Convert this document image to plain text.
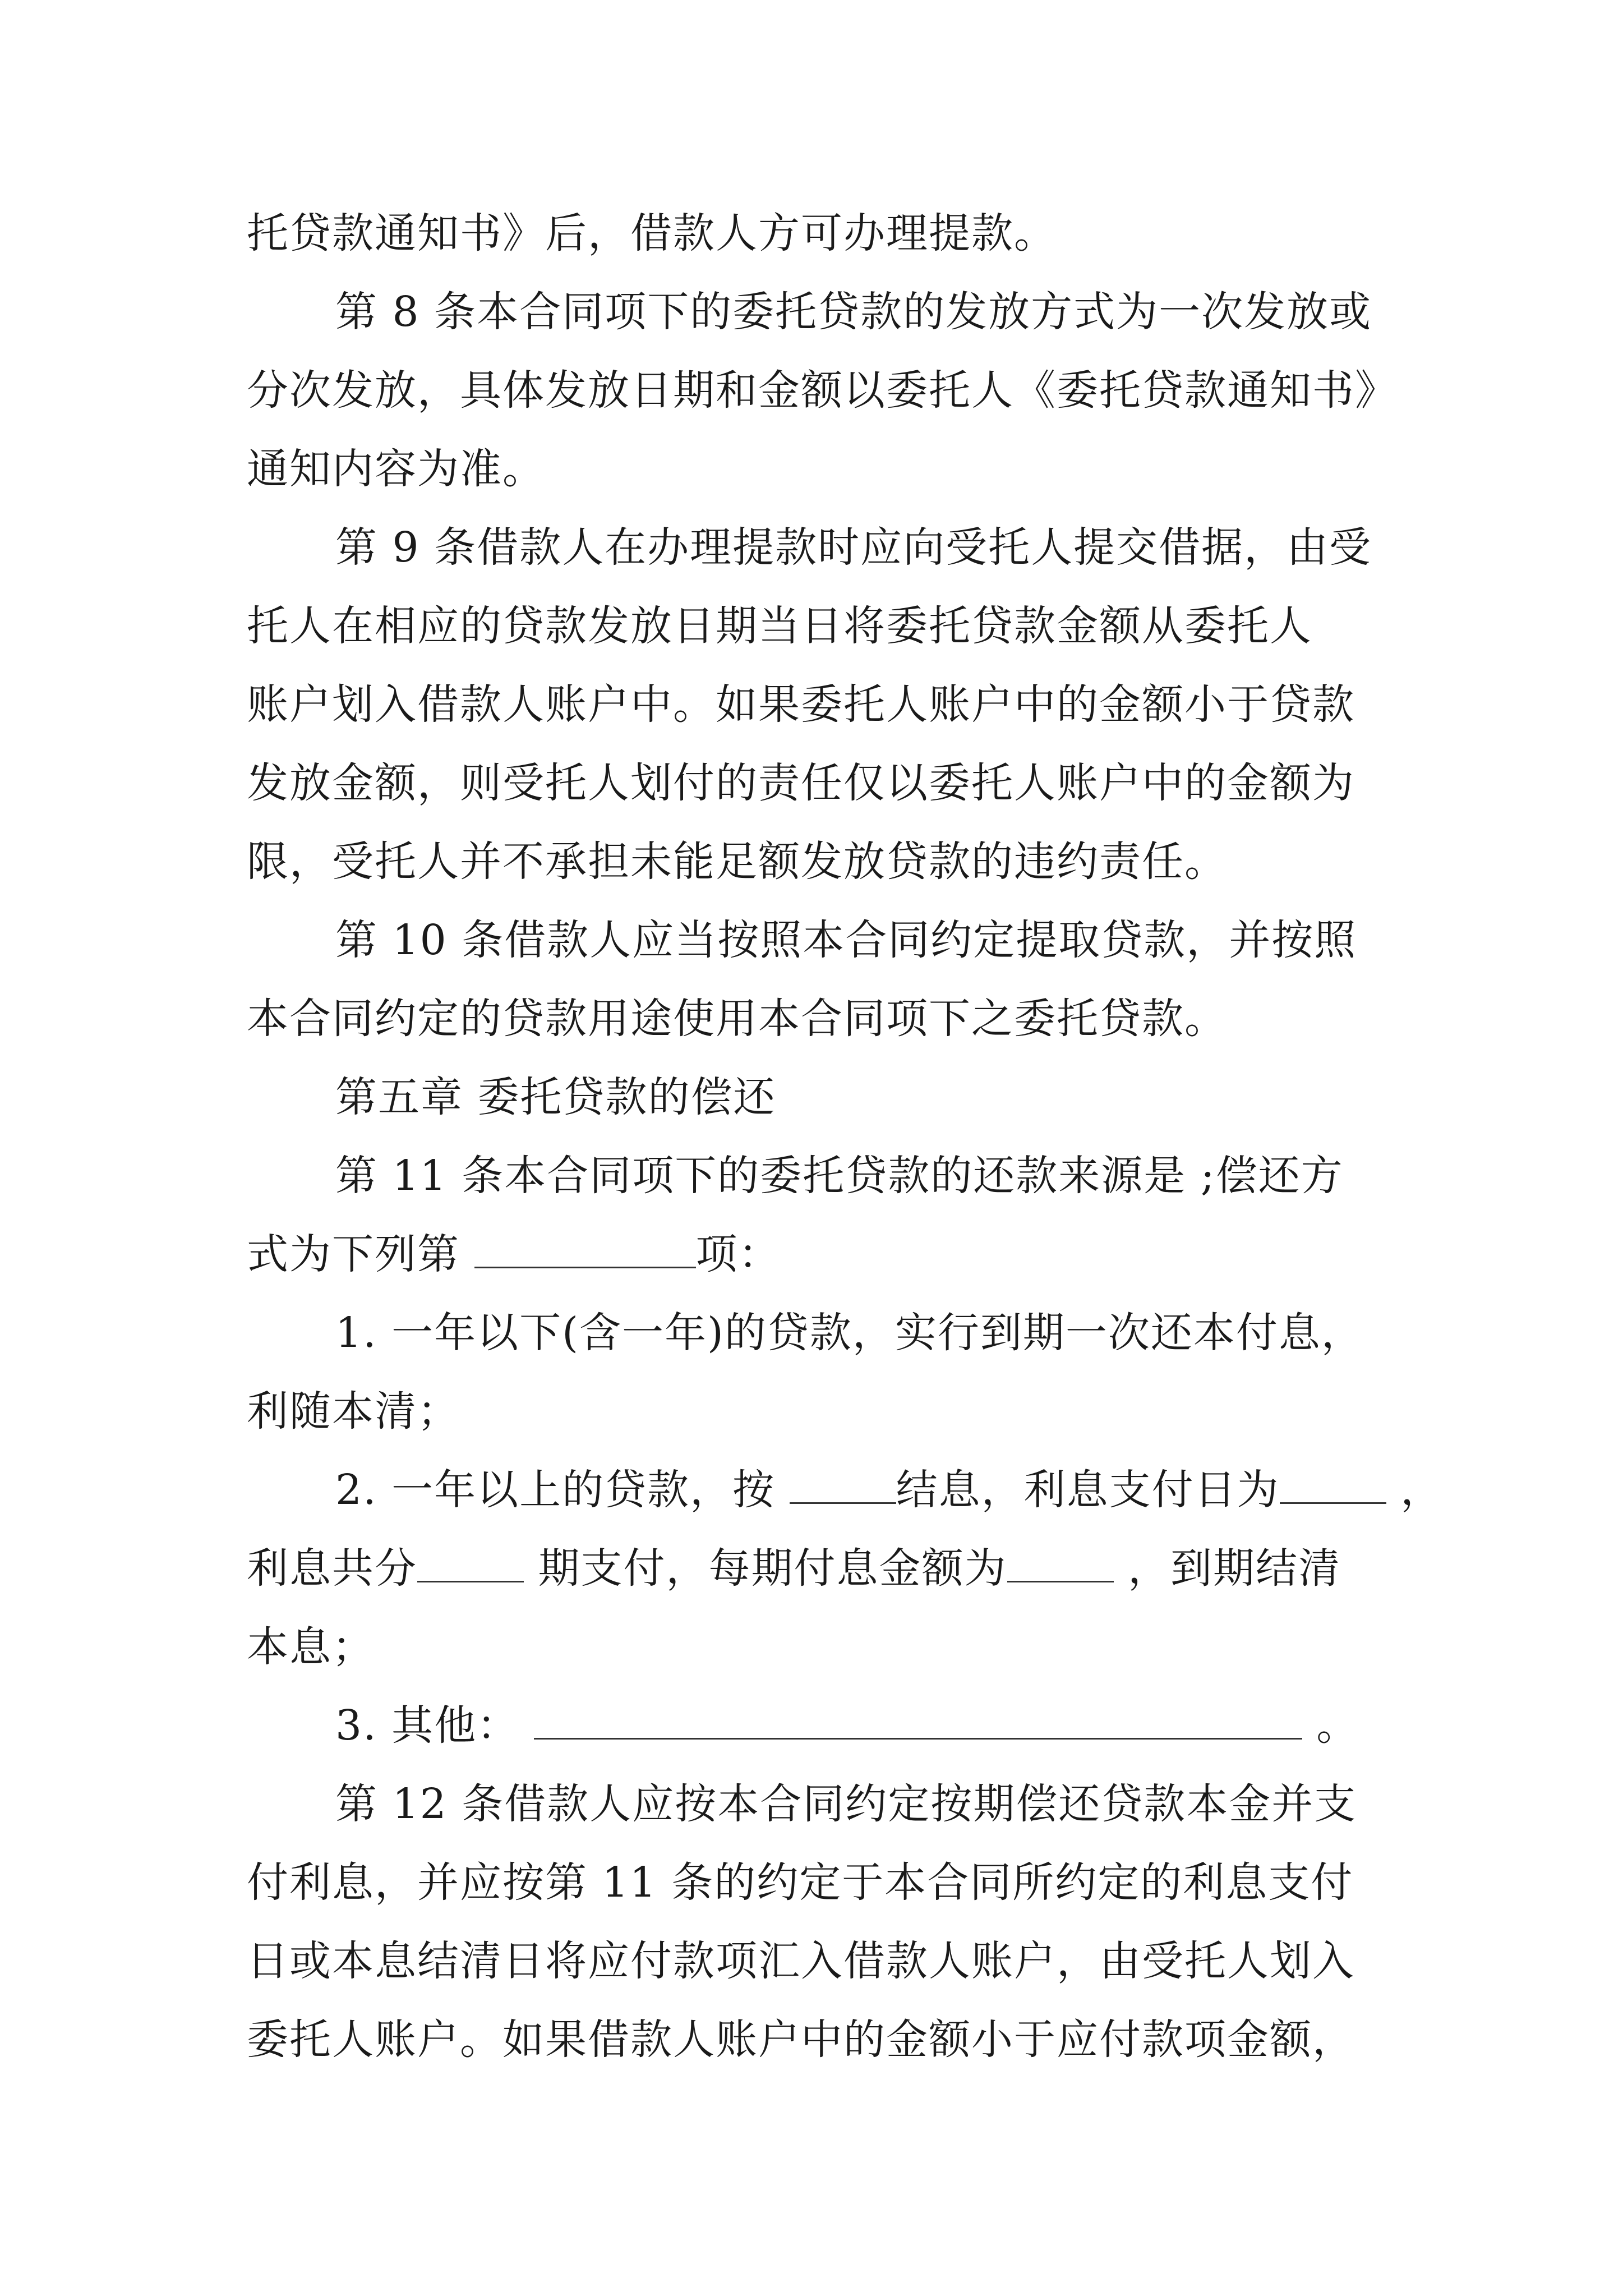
托贷款通知书》后，借款人方可办理提款。
第 8 条本合同项下的委托贷款的发放方式为一次发放或
分次发放，具体发放日期和金额以委托人《委托贷款通知书》
通知内容为准。
第 9 条借款人在办理提款时应向受托人提交借据，由受
托人在相应的贷款发放日期当日将委托贷款金额从委托人
账户划入借款人账户中。如果委托人账户中的金额小于贷款
发放金额，则受托人划付的责任仅以委托人账户中的金额为
限，受托人并不承担未能足额发放贷款的违约责任。
第 10 条借款人应当按照本合同约定提取贷款，并按照
本合同约定的贷款用途使用本合同项下之委托贷款。
第五章 委托贷款的偿还
第 11 条本合同项下的委托贷款的还款来源是 ;偿还方
式为下列第	项：
1. 一年以下(含一年)的贷款，实行到期一次还本付息，
利随本清；
2. 一年以上的贷款，按	结息，利息支付日为	，
利息共分	期支付，每期付息金额为	，到期结清
本息；
3. 其他：	。
第 12 条借款人应按本合同约定按期偿还贷款本金并支
付利息，并应按第 11 条的约定于本合同所约定的利息支付
日或本息结清日将应付款项汇入借款人账户，由受托人划入
委托人账户。如果借款人账户中的金额小于应付款项金额，
